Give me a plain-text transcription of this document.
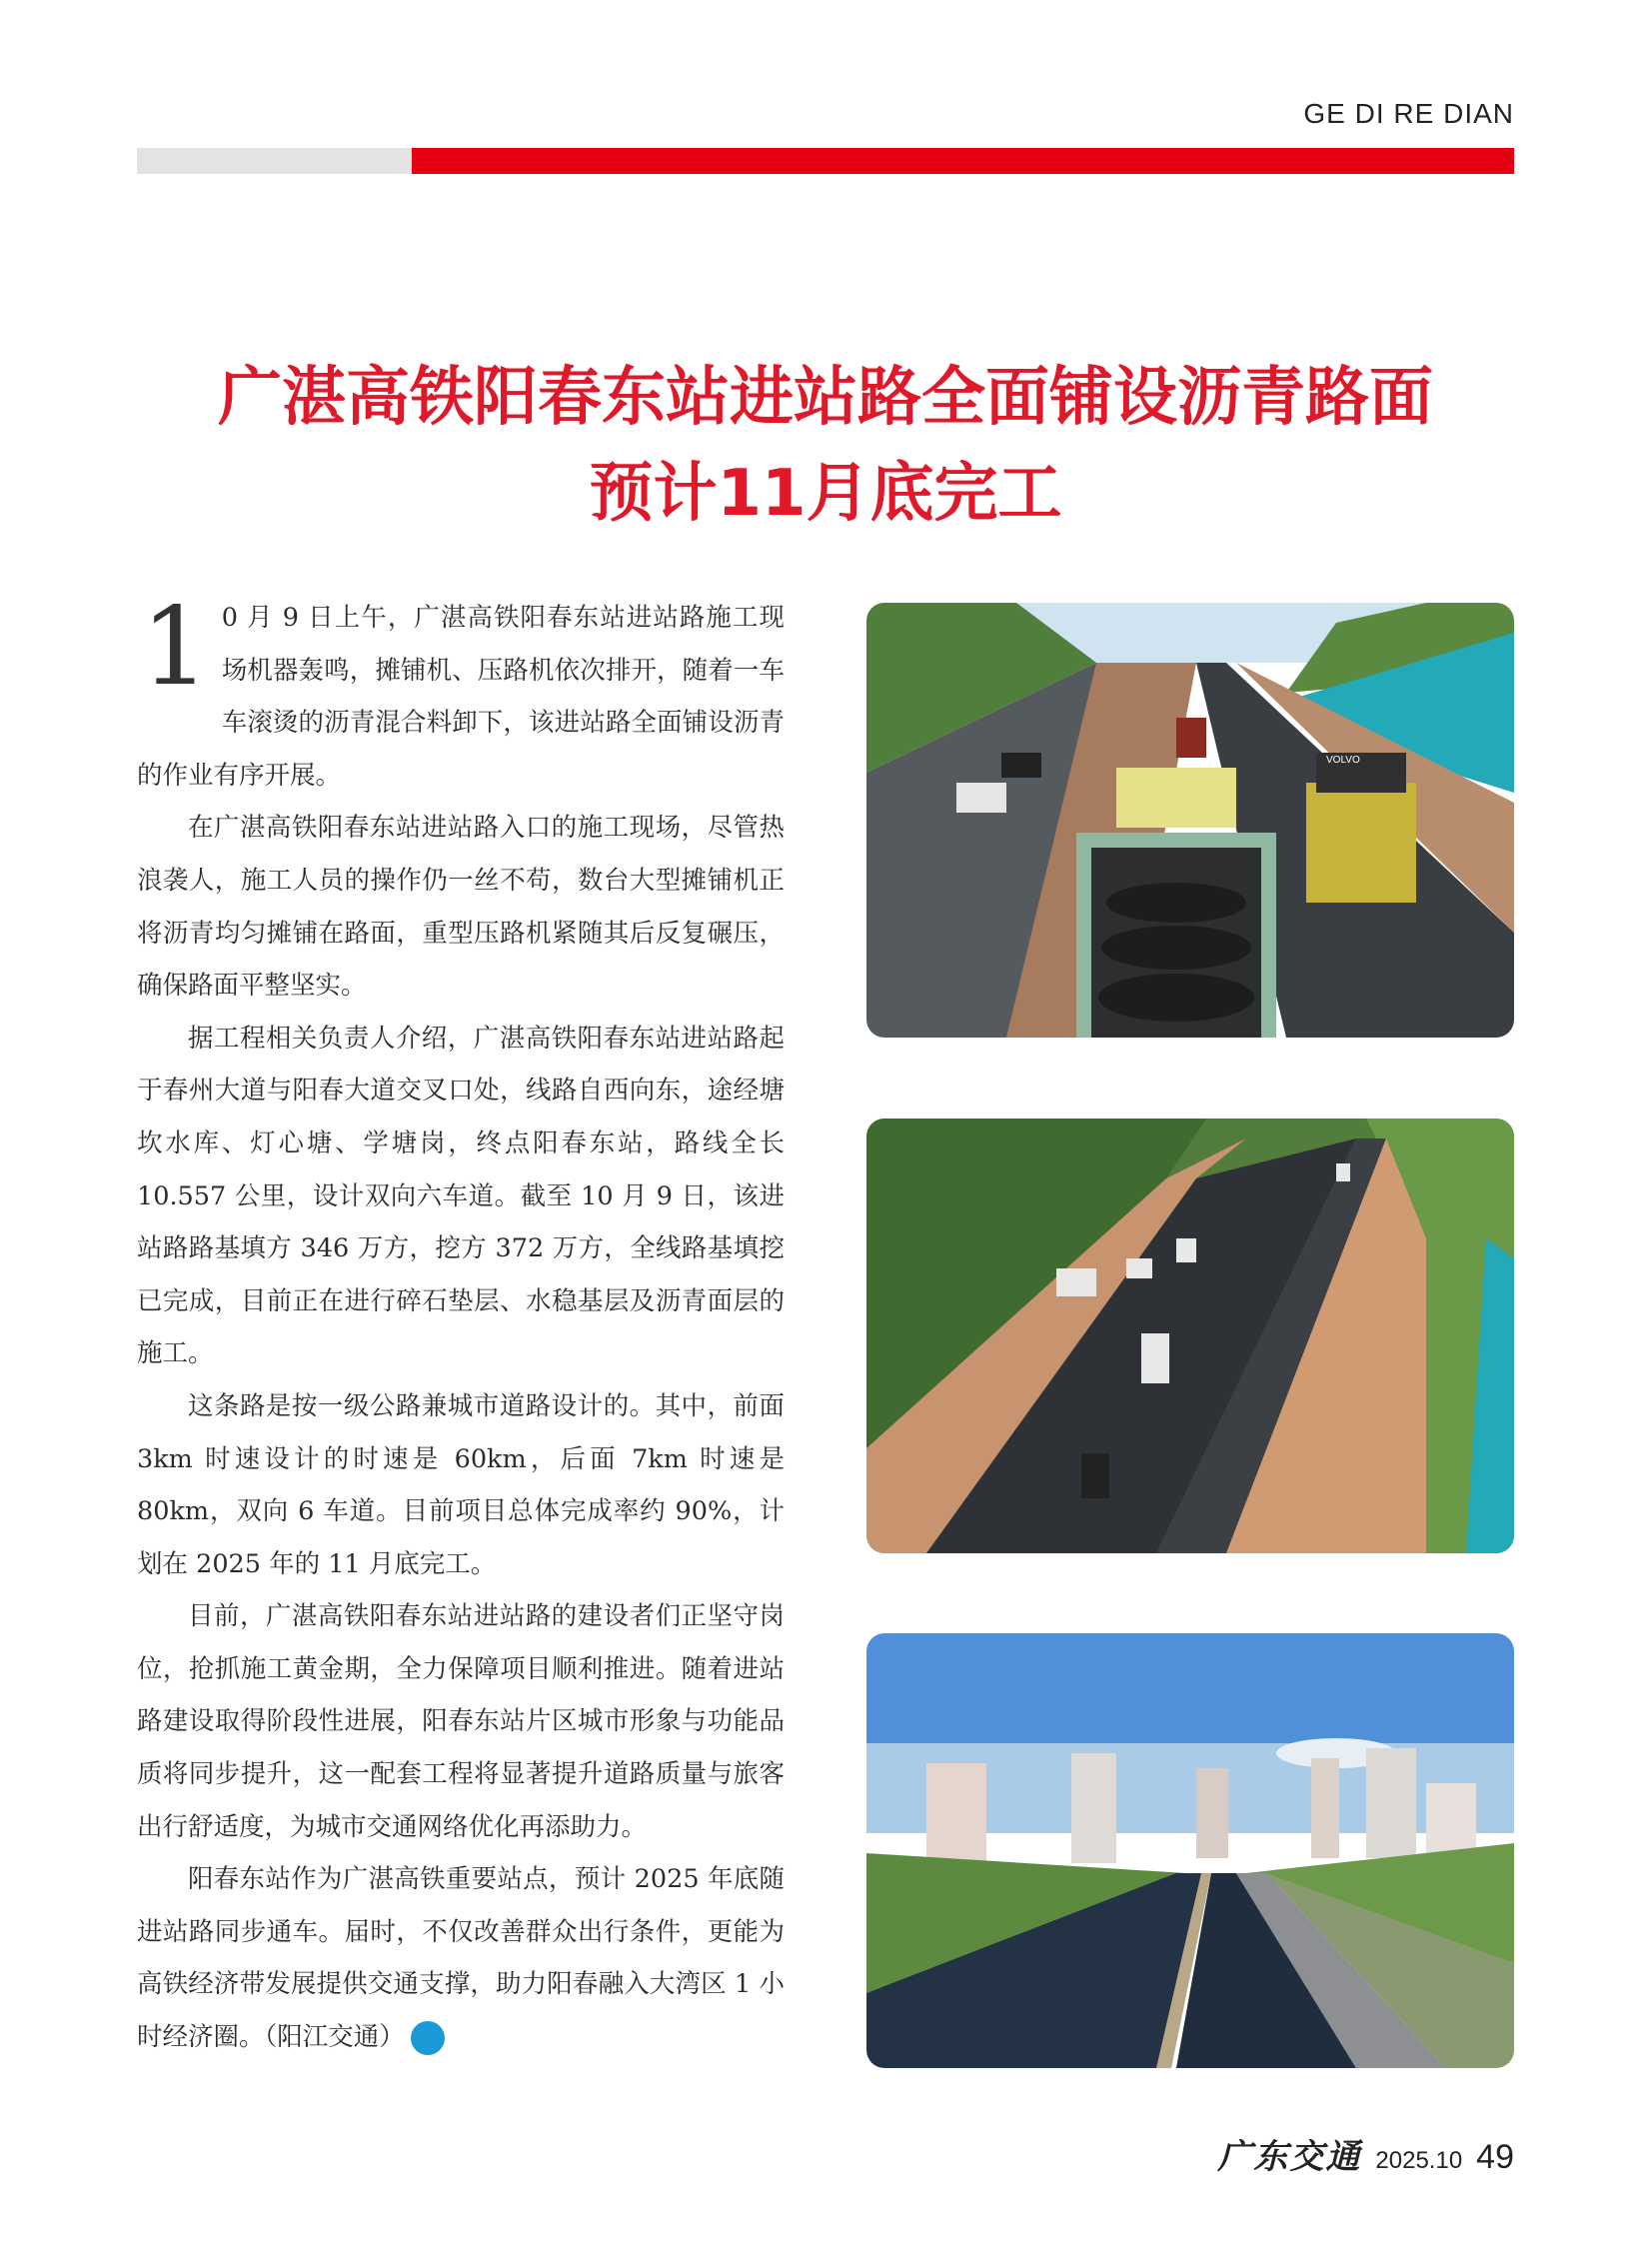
GE DI RE DIAN
广湛高铁阳春东站进站路全面铺设沥青路面
预计11月底完工

1 0 月 9 日上午，广湛高铁阳春东站进站路施工现场机器轰鸣，摊铺机、压路机依次排开，随着一车车滚烫的沥青混合料卸下，该进站路全面铺设沥青的作业有序开展。

在广湛高铁阳春东站进站路入口的施工现场，尽管热浪袭人，施工人员的操作仍一丝不苟，数台大型摊铺机正将沥青均匀摊铺在路面，重型压路机紧随其后反复碾压，确保路面平整坚实。

据工程相关负责人介绍，广湛高铁阳春东站进站路起于春州大道与阳春大道交叉口处，线路自西向东，途经塘坎水库、灯心塘、学塘岗，终点阳春东站，路线全长 10.557 公里，设计双向六车道。截至 10 月 9 日，该进站路路基填方 346 万方，挖方 372 万方，全线路基填挖已完成，目前正在进行碎石垫层、水稳基层及沥青面层的施工。

这条路是按一级公路兼城市道路设计的。其中，前面 3km 时速设计的时速是 60km，后面 7km 时速是 80km，双向 6 车道。目前项目总体完成率约 90%，计划在 2025 年的 11 月底完工。

目前，广湛高铁阳春东站进站路的建设者们正坚守岗位，抢抓施工黄金期，全力保障项目顺利推进。随着进站路建设取得阶段性进展，阳春东站片区城市形象与功能品质将同步提升，这一配套工程将显著提升道路质量与旅客出行舒适度，为城市交通网络优化再添助力。

阳春东站作为广湛高铁重要站点，预计 2025 年底随进站路同步通车。届时，不仅改善群众出行条件，更能为高铁经济带发展提供交通支撑，助力阳春融入大湾区 1 小时经济圈。（阳江交通）	CTA

VOLVO
广东交通 2025.10 49
